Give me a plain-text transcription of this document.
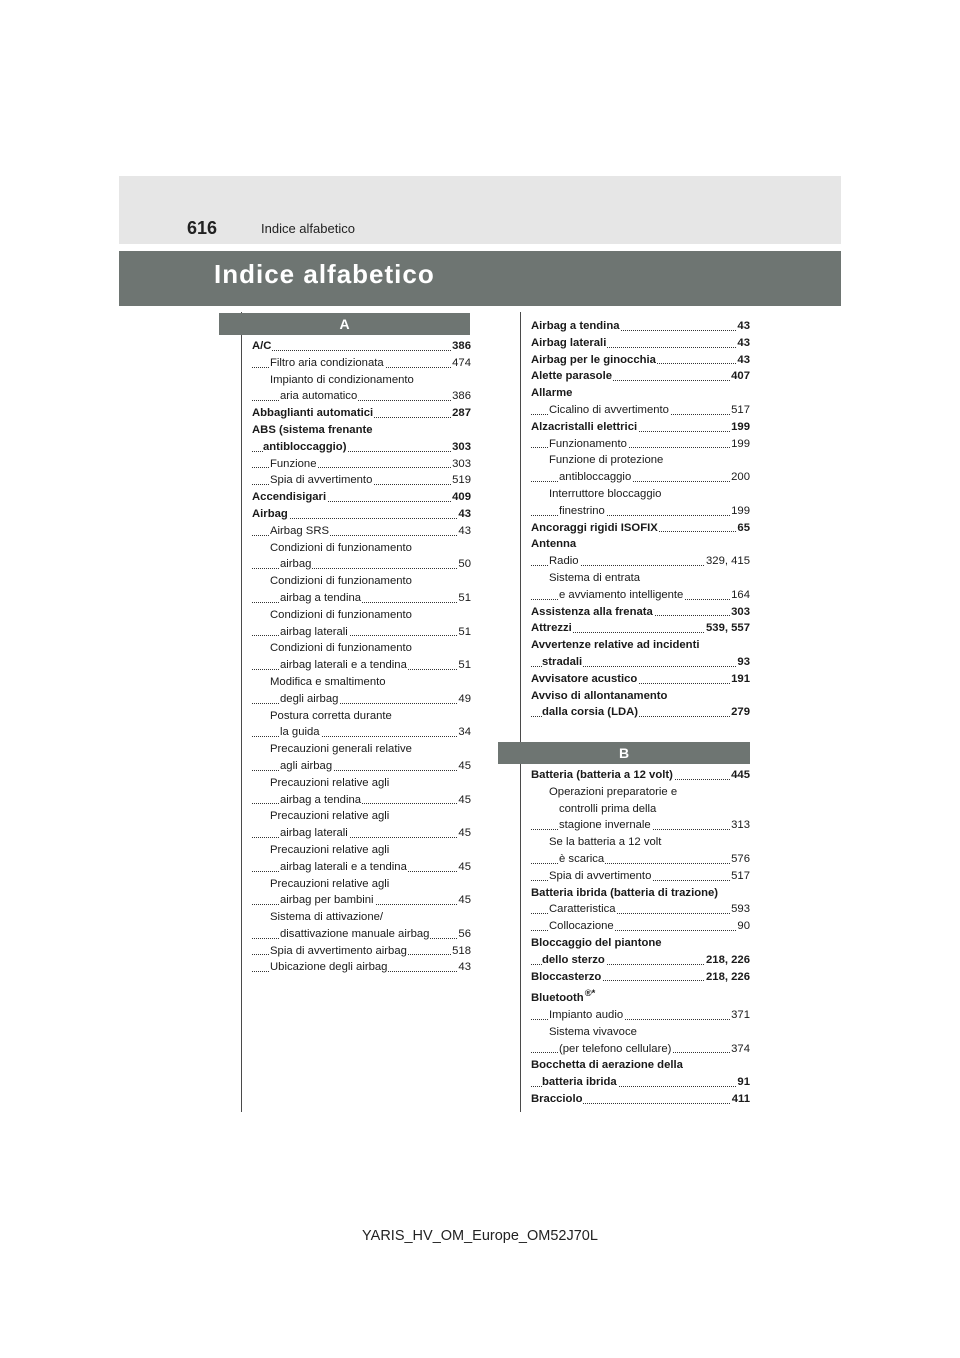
616	Indice alfabetico
Indice alfabetico
A
B
A/C	386
Filtro aria condizionata	474
Impianto di condizionamento
aria automatico	386
Abbaglianti automatici	287
ABS (sistema frenante
antibloccaggio)	303
Funzione	303
Spia di avvertimento	519
Accendisigari	409
Airbag	43
Airbag SRS	43
Condizioni di funzionamento
airbag	50
Condizioni di funzionamento
airbag a tendina	51
Condizioni di funzionamento
airbag laterali	51
Condizioni di funzionamento
airbag laterali e a tendina	51
Modifica e smaltimento
degli airbag	49
Postura corretta durante
la guida	34
Precauzioni generali relative
agli airbag	45
Precauzioni relative agli
airbag a tendina	45
Precauzioni relative agli
airbag laterali	45
Precauzioni relative agli
airbag laterali e a tendina	45
Precauzioni relative agli
airbag per bambini	45
Sistema di attivazione/
disattivazione manuale airbag	56
Spia di avvertimento airbag	518
Ubicazione degli airbag	43
Airbag a tendina	43
Airbag laterali	43
Airbag per le ginocchia	43
Alette parasole	407
Allarme
Cicalino di avvertimento	517
Alzacristalli elettrici	199
Funzionamento	199
Funzione di protezione
antibloccaggio	200
Interruttore bloccaggio
finestrino	199
Ancoraggi rigidi ISOFIX	65
Antenna
Radio	329, 415
Sistema di entrata
e avviamento intelligente	164
Assistenza alla frenata	303
Attrezzi	539, 557
Avvertenze relative ad incidenti
stradali	93
Avvisatore acustico	191
Avviso di allontanamento
dalla corsia (LDA)	279
Batteria (batteria a 12 volt)	445
Operazioni preparatorie e
controlli prima della
stagione invernale	313
Se la batteria a 12 volt
è scarica	576
Spia di avvertimento	517
Batteria ibrida (batteria di trazione)
Caratteristica	593
Collocazione	90
Bloccaggio del piantone
dello sterzo	218, 226
Bloccasterzo	218, 226
Bluetooth®*
Impianto audio	371
Sistema vivavoce
(per telefono cellulare)	374
Bocchetta di aerazione della
batteria ibrida	91
Bracciolo	411
YARIS_HV_OM_Europe_OM52J70L
